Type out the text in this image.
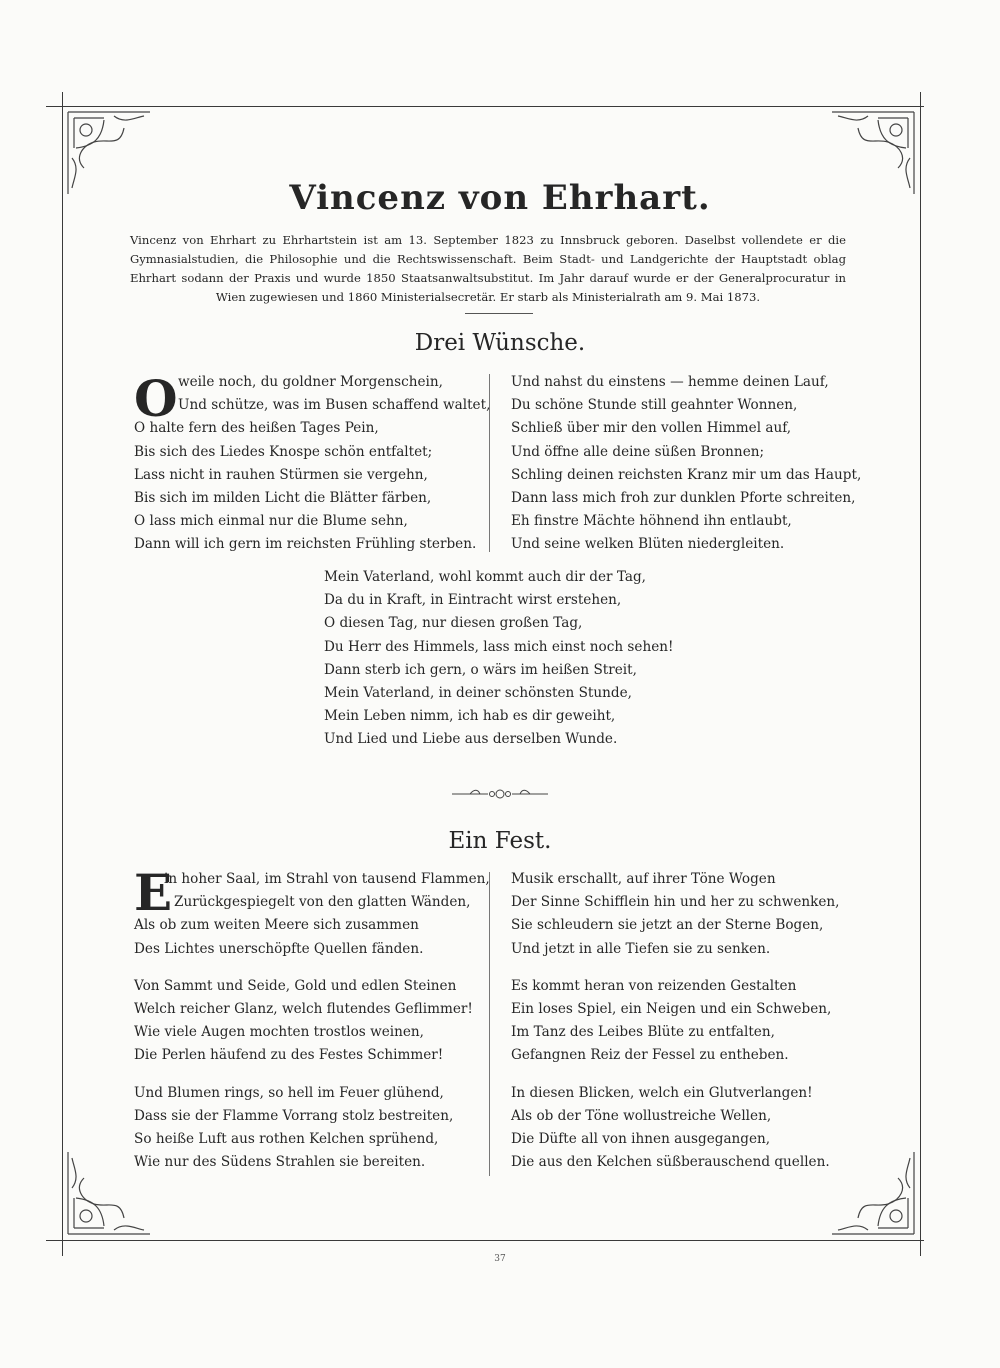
Vincenz von Ehrhart.
Vincenz von Ehrhart zu Ehrhartstein ist am 13. September 1823 zu Innsbruck geboren. Daselbst vollendete er die Gymnasialstudien, die Philosophie und die Rechtswissenschaft. Beim Stadt- und Landgerichte der Hauptstadt oblag Ehrhart sodann der Praxis und wurde 1850 Staatsanwaltsubstitut. Im Jahr darauf wurde er der Generalprocuratur in Wien zugewiesen und 1860 Ministerialsecretär. Er starb als Ministerialrath am 9. Mai 1873.
Drei Wünsche.
O weile noch, du goldner Morgenschein,
Und schütze, was im Busen schaffend waltet,
O halte fern des heißen Tages Pein,
Bis sich des Liedes Knospe schön entfaltet;
Lass nicht in rauhen Stürmen sie vergehn,
Bis sich im milden Licht die Blätter färben,
O lass mich einmal nur die Blume sehn,
Dann will ich gern im reichsten Frühling sterben.
Und nahst du einstens — hemme deinen Lauf,
Du schöne Stunde still geahnter Wonnen,
Schließ über mir den vollen Himmel auf,
Und öffne alle deine süßen Bronnen;
Schling deinen reichsten Kranz mir um das Haupt,
Dann lass mich froh zur dunklen Pforte schreiten,
Eh finstre Mächte höhnend ihn entlaubt,
Und seine welken Blüten niedergleiten.
Mein Vaterland, wohl kommt auch dir der Tag,
Da du in Kraft, in Eintracht wirst erstehen,
O diesen Tag, nur diesen großen Tag,
Du Herr des Himmels, lass mich einst noch sehen!
Dann sterb ich gern, o wärs im heißen Streit,
Mein Vaterland, in deiner schönsten Stunde,
Mein Leben nimm, ich hab es dir geweiht,
Und Lied und Liebe aus derselben Wunde.
Ein Fest.
E
in hoher Saal, im Strahl von tausend Flammen,
Zurückgespiegelt von den glatten Wänden,
Als ob zum weiten Meere sich zusammen
Des Lichtes unerschöpfte Quellen fänden.
Von Sammt und Seide, Gold und edlen Steinen
Welch reicher Glanz, welch flutendes Geflimmer!
Wie viele Augen mochten trostlos weinen,
Die Perlen häufend zu des Festes Schimmer!
Und Blumen rings, so hell im Feuer glühend,
Dass sie der Flamme Vorrang stolz bestreiten,
So heiße Luft aus rothen Kelchen sprühend,
Wie nur des Südens Strahlen sie bereiten.
Musik erschallt, auf ihrer Töne Wogen
Der Sinne Schifflein hin und her zu schwenken,
Sie schleudern sie jetzt an der Sterne Bogen,
Und jetzt in alle Tiefen sie zu senken.
Es kommt heran von reizenden Gestalten
Ein loses Spiel, ein Neigen und ein Schweben,
Im Tanz des Leibes Blüte zu entfalten,
Gefangnen Reiz der Fessel zu entheben.
In diesen Blicken, welch ein Glutverlangen!
Als ob der Töne wollustreiche Wellen,
Die Düfte all von ihnen ausgegangen,
Die aus den Kelchen süßberauschend quellen.
37
